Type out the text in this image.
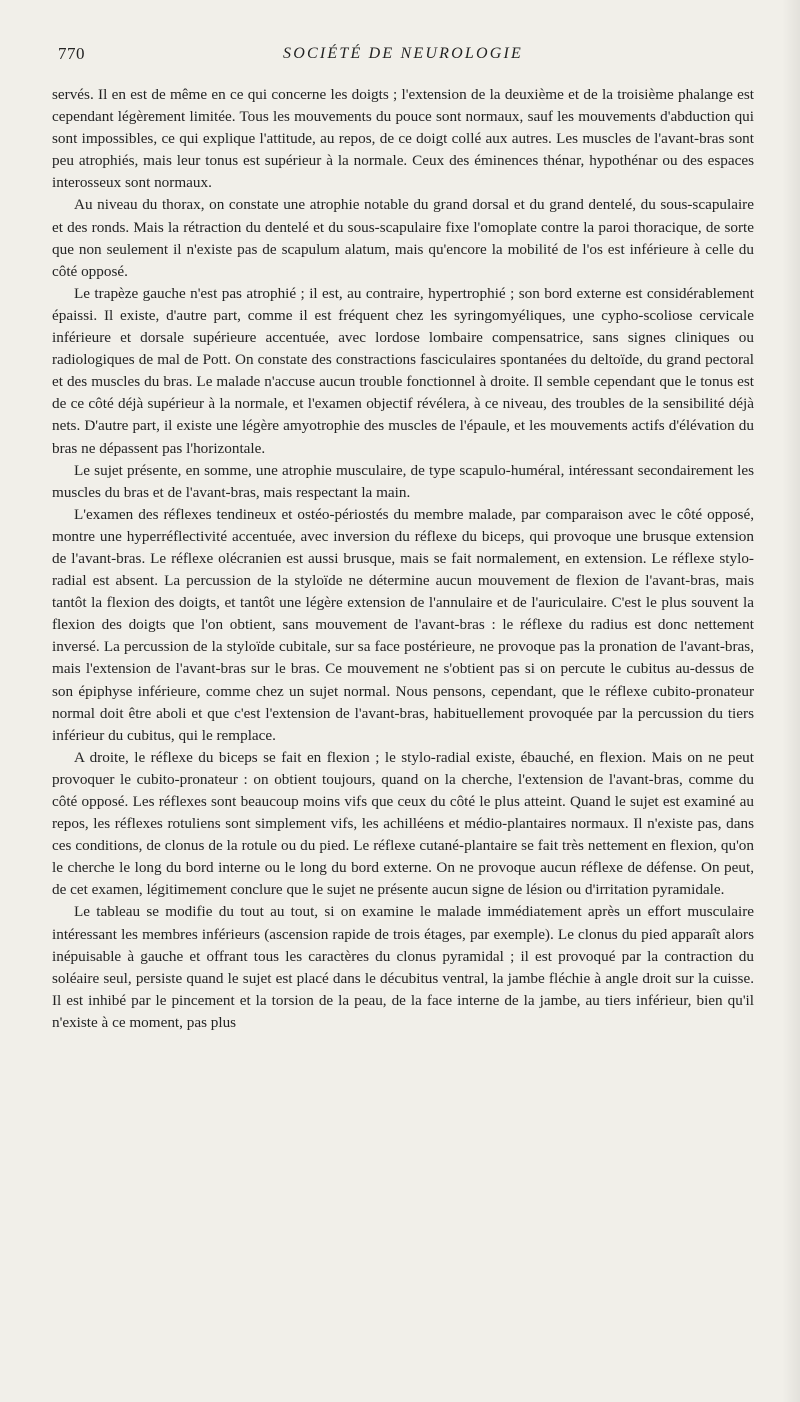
770	SOCIÉTÉ DE NEUROLOGIE

servés. Il en est de même en ce qui concerne les doigts ; l'extension de la deuxième et de la troisième phalange est cependant légèrement limitée. Tous les mouvements du pouce sont normaux, sauf les mouvements d'abduction qui sont impossibles, ce qui explique l'attitude, au repos, de ce doigt collé aux autres. Les muscles de l'avant-bras sont peu atrophiés, mais leur tonus est supérieur à la normale. Ceux des éminences thénar, hypothénar ou des espaces interosseux sont normaux.

Au niveau du thorax, on constate une atrophie notable du grand dorsal et du grand dentelé, du sous-scapulaire et des ronds. Mais la rétraction du dentelé et du sous-scapulaire fixe l'omoplate contre la paroi thoracique, de sorte que non seulement il n'existe pas de scapulum alatum, mais qu'encore la mobilité de l'os est inférieure à celle du côté opposé.

Le trapèze gauche n'est pas atrophié ; il est, au contraire, hypertrophié ; son bord externe est considérablement épaissi. Il existe, d'autre part, comme il est fréquent chez les syringomyéliques, une cypho-scoliose cervicale inférieure et dorsale supérieure accentuée, avec lordose lombaire compensatrice, sans signes cliniques ou radiologiques de mal de Pott. On constate des constractions fasciculaires spontanées du deltoïde, du grand pectoral et des muscles du bras. Le malade n'accuse aucun trouble fonctionnel à droite. Il semble cependant que le tonus est de ce côté déjà supérieur à la normale, et l'examen objectif révélera, à ce niveau, des troubles de la sensibilité déjà nets. D'autre part, il existe une légère amyotrophie des muscles de l'épaule, et les mouvements actifs d'élévation du bras ne dépassent pas l'horizontale.

Le sujet présente, en somme, une atrophie musculaire, de type scapulo-huméral, intéressant secondairement les muscles du bras et de l'avant-bras, mais respectant la main.

L'examen des réflexes tendineux et ostéo-périostés du membre malade, par comparaison avec le côté opposé, montre une hyperréflectivité accentuée, avec inversion du réflexe du biceps, qui provoque une brusque extension de l'avant-bras. Le réflexe olécranien est aussi brusque, mais se fait normalement, en extension. Le réflexe stylo-radial est absent. La percussion de la styloïde ne détermine aucun mouvement de flexion de l'avant-bras, mais tantôt la flexion des doigts, et tantôt une légère extension de l'annulaire et de l'auriculaire. C'est le plus souvent la flexion des doigts que l'on obtient, sans mouvement de l'avant-bras : le réflexe du radius est donc nettement inversé. La percussion de la styloïde cubitale, sur sa face postérieure, ne provoque pas la pronation de l'avant-bras, mais l'extension de l'avant-bras sur le bras. Ce mouvement ne s'obtient pas si on percute le cubitus au-dessus de son épiphyse inférieure, comme chez un sujet normal. Nous pensons, cependant, que le réflexe cubito-pronateur normal doit être aboli et que c'est l'extension de l'avant-bras, habituellement provoquée par la percussion du tiers inférieur du cubitus, qui le remplace.

A droite, le réflexe du biceps se fait en flexion ; le stylo-radial existe, ébauché, en flexion. Mais on ne peut provoquer le cubito-pronateur : on obtient toujours, quand on la cherche, l'extension de l'avant-bras, comme du côté opposé. Les réflexes sont beaucoup moins vifs que ceux du côté le plus atteint. Quand le sujet est examiné au repos, les réflexes rotuliens sont simplement vifs, les achilléens et médio-plantaires normaux. Il n'existe pas, dans ces conditions, de clonus de la rotule ou du pied. Le réflexe cutané-plantaire se fait très nettement en flexion, qu'on le cherche le long du bord interne ou le long du bord externe. On ne provoque aucun réflexe de défense. On peut, de cet examen, légitimement conclure que le sujet ne présente aucun signe de lésion ou d'irritation pyramidale.

Le tableau se modifie du tout au tout, si on examine le malade immédiatement après un effort musculaire intéressant les membres inférieurs (ascension rapide de trois étages, par exemple). Le clonus du pied apparaît alors inépuisable à gauche et offrant tous les caractères du clonus pyramidal ; il est provoqué par la contraction du soléaire seul, persiste quand le sujet est placé dans le décubitus ventral, la jambe fléchie à angle droit sur la cuisse. Il est inhibé par le pincement et la torsion de la peau, de la face interne de la jambe, au tiers inférieur, bien qu'il n'existe à ce moment, pas plus
